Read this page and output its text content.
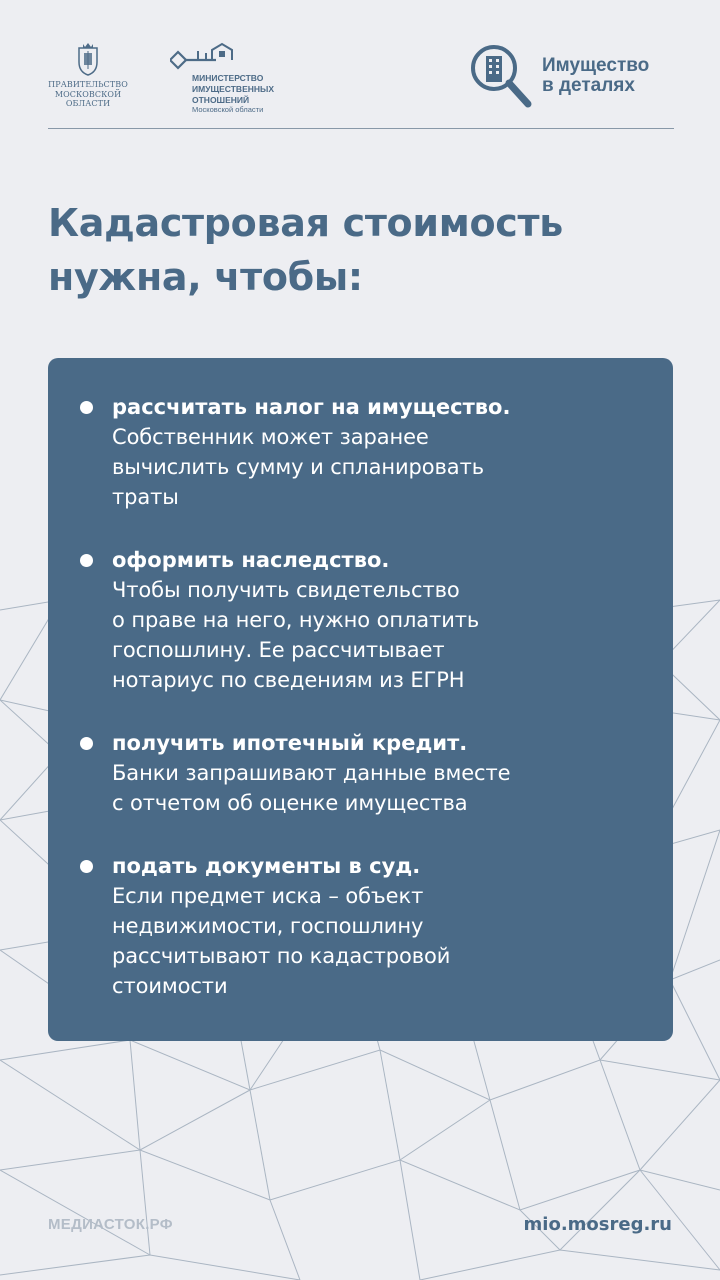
ПРАВИТЕЛЬСТВО
МОСКОВСКОЙ
ОБЛАСТИ
МИНИСТЕРСТВО
ИМУЩЕСТВЕННЫХ
ОТНОШЕНИЙ
Московской области
Имущество
в деталях
Кадастровая стоимость
нужна, чтобы:
рассчитать налог на имущество.
Собственник может заранее
вычислить сумму и спланировать
траты
оформить наследство.
Чтобы получить свидетельство
о праве на него, нужно оплатить
госпошлину. Ее рассчитывает
нотариус по сведениям из ЕГРН
получить ипотечный кредит.
Банки запрашивают данные вместе
с отчетом об оценке имущества
подать документы в суд.
Если предмет иска – объект
недвижимости, госпошлину
рассчитывают по кадастровой
стоимости
МЕДИАСТОК.РФ	mio.mosreg.ru
